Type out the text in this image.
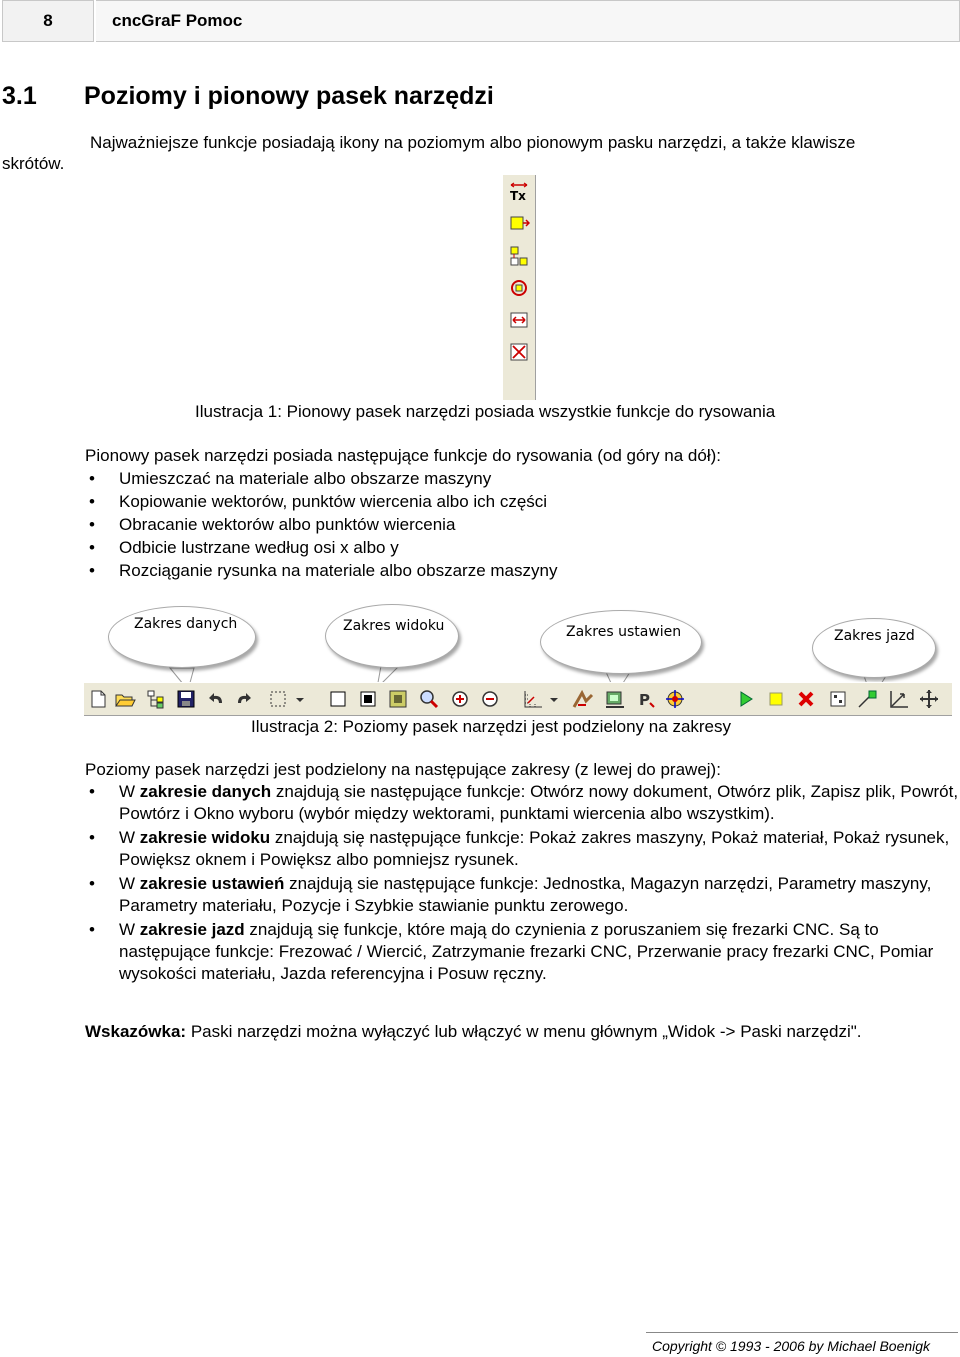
8	cncGraF Pomoc
3.1 Poziomy i pionowy pasek narzędzi
Najważniejsze funkcje posiadają ikony na poziomym albo pionowym pasku narzędzi, a także klawisze
skrótów.
Tx
Ilustracja 1: Pionowy pasek narzędzi posiada wszystkie funkcje do rysowania
Pionowy pasek narzędzi posiada następujące funkcje do rysowania (od góry na dół):
• Umieszczać na materiale albo obszarze maszyny
• Kopiowanie wektorów, punktów wiercenia albo ich części
• Obracanie wektorów albo punktów wiercenia
• Odbicie lustrzane według osi x albo y
• Rozciąganie rysunka na materiale albo obszarze maszyny
Zakres danych	Zakres widoku	Zakres ustawien	Zakres jazd
P
Ilustracja 2: Poziomy pasek narzędzi jest podzielony na zakresy
Poziomy pasek narzędzi jest podzielony na następujące zakresy (z lewej do prawej):
• W zakresie danych znajdują sie następujące funkcje: Otwórz nowy dokument, Otwórz plik, Zapisz plik, Powrót, Powtórz i Okno wyboru (wybór między wektorami, punktami wiercenia albo wszystkim).
• W zakresie widoku znajdują się następujące funkcje: Pokaż zakres maszyny, Pokaż materiał, Pokaż rysunek, Powiększ oknem i Powiększ albo pomniejsz rysunek.
• W zakresie ustawień znajdują sie następujące funkcje: Jednostka, Magazyn narzędzi, Parametry maszyny, Parametry materiału, Pozycje i Szybkie stawianie punktu zerowego.
• W zakresie jazd znajdują się funkcje, które mają do czynienia z poruszaniem się frezarki CNC. Są to następujące funkcje: Frezować / Wiercić, Zatrzymanie frezarki CNC, Przerwanie pracy frezarki CNC, Pomiar wysokości materiału, Jazda referencyjna i Posuw ręczny.
Wskazówka: Paski narzędzi można wyłączyć lub włączyć w menu głównym „Widok -> Paski narzędzi".
Copyright © 1993 - 2006 by Michael Boenigk
